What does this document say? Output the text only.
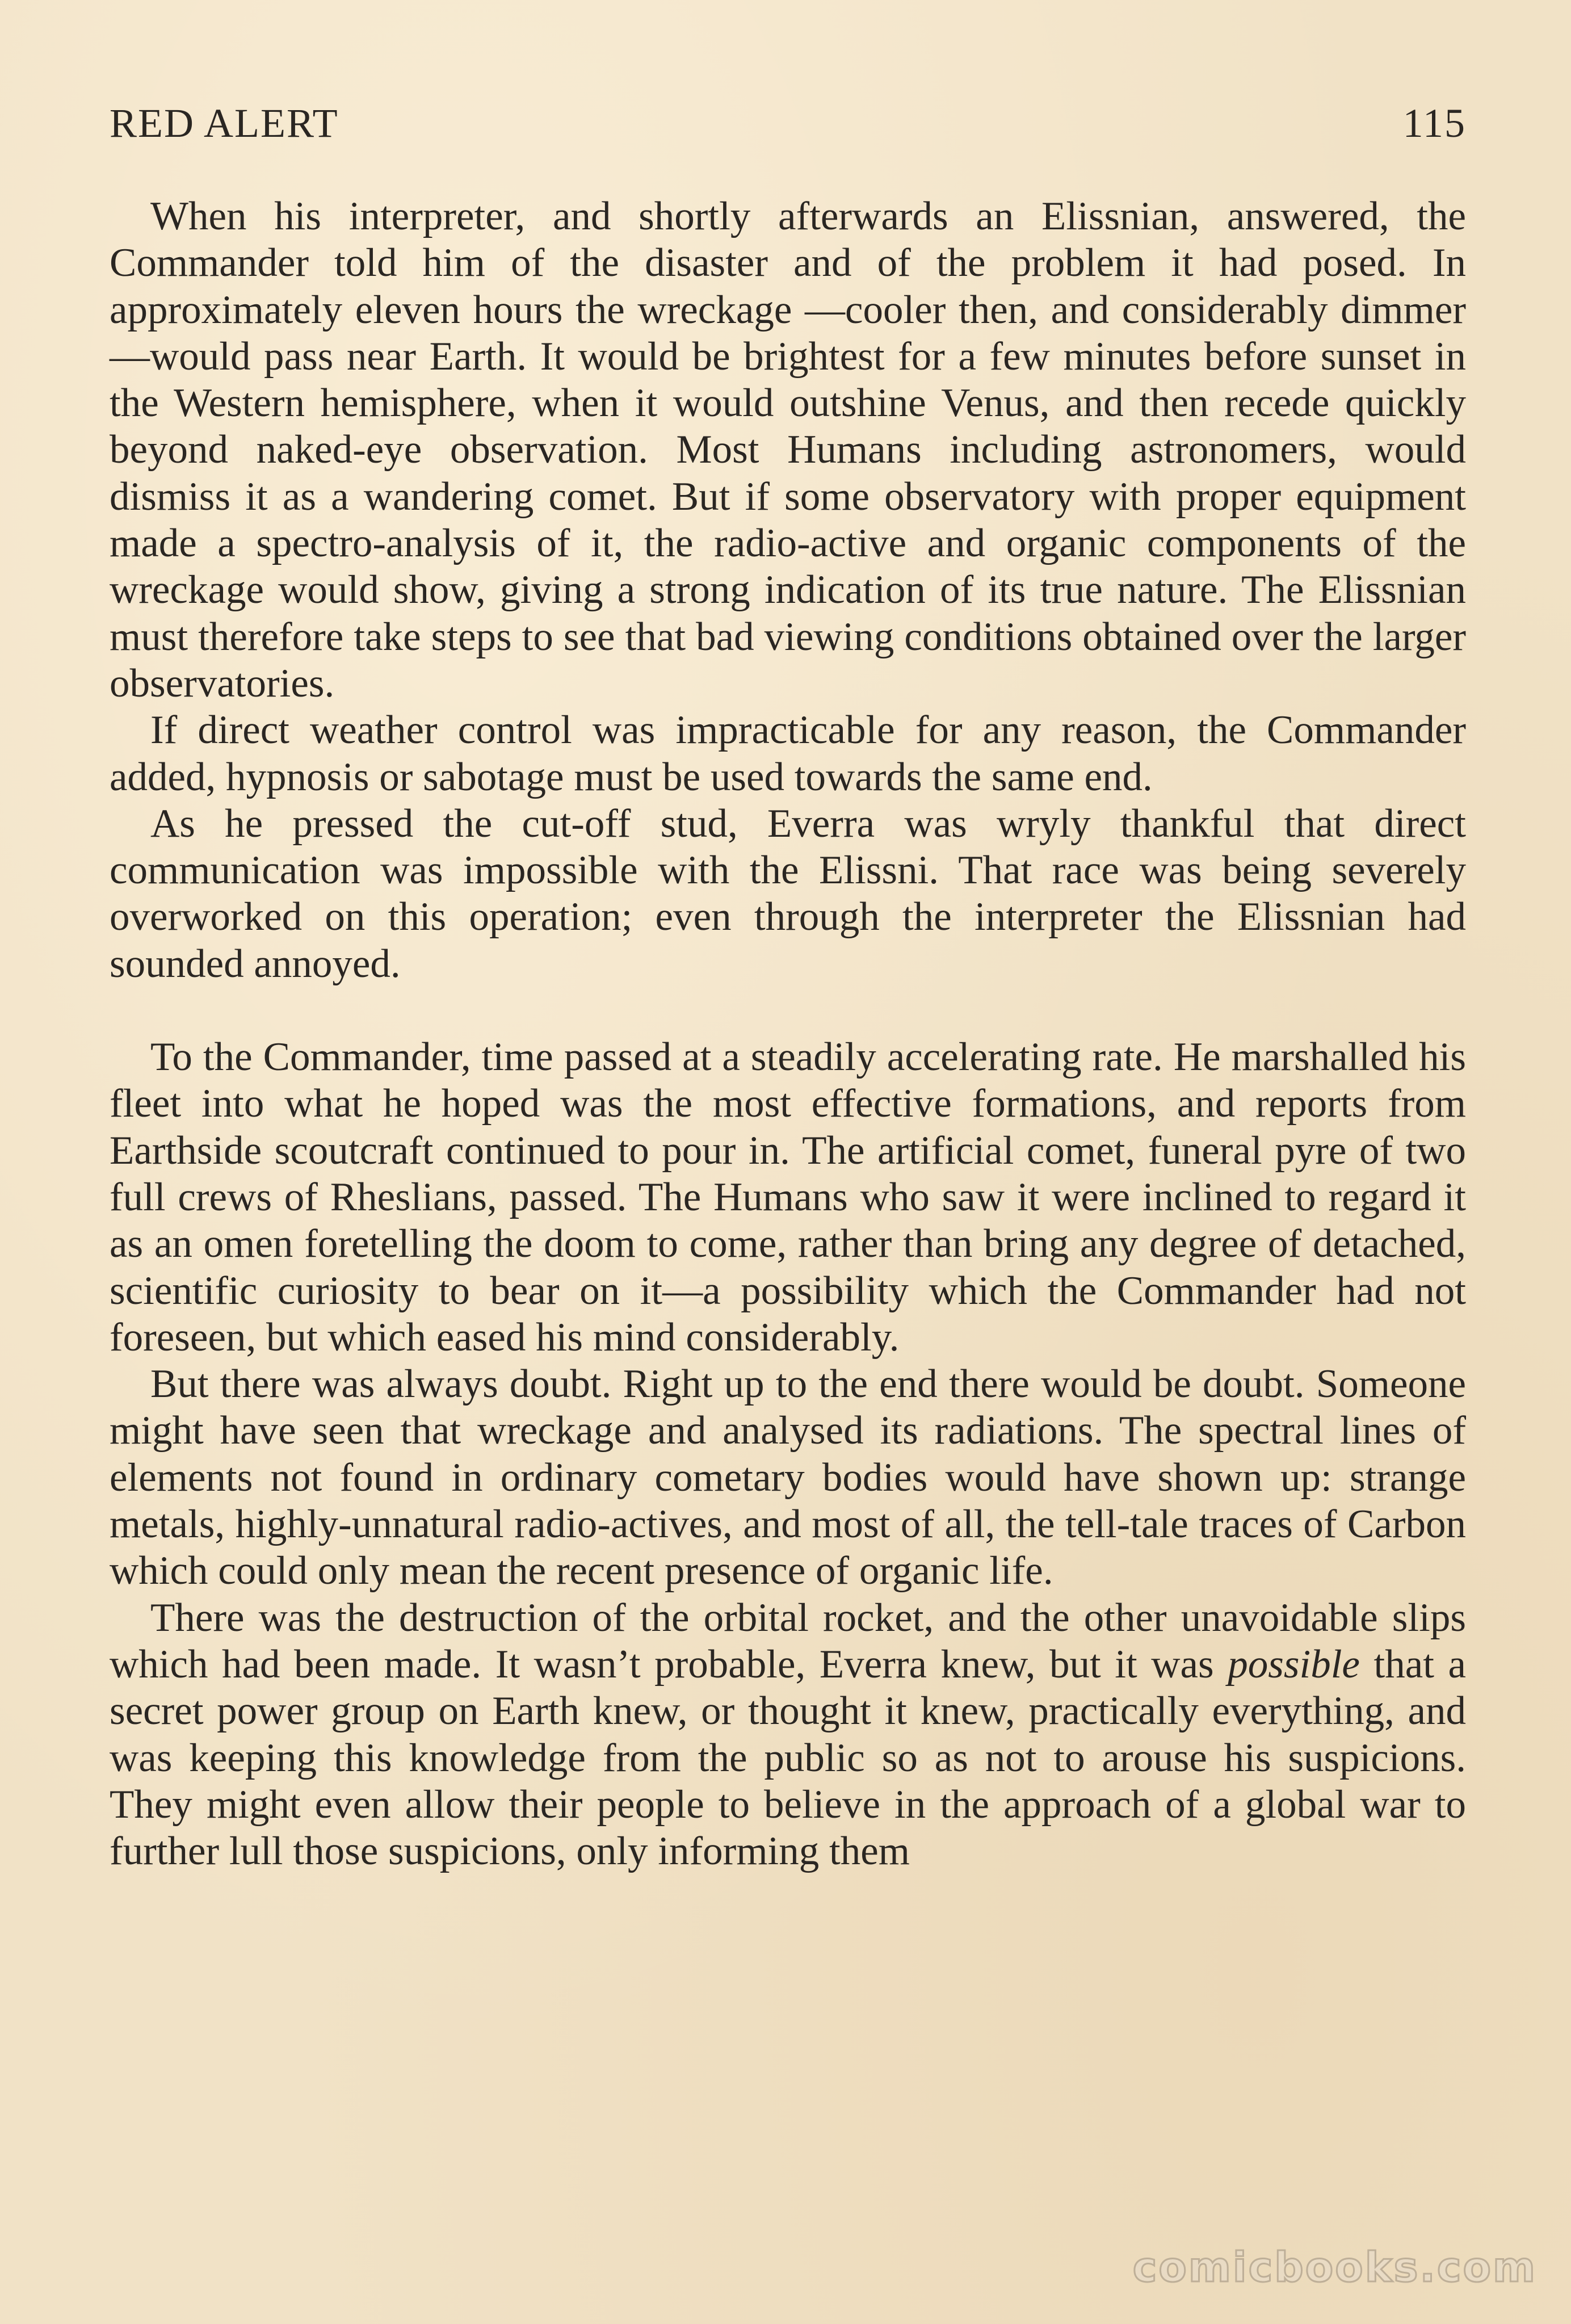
RED ALERT	115

When his interpreter, and shortly afterwards an Elissnian, answered, the Commander told him of the disaster and of the problem it had posed. In approximately eleven hours the wreckage —cooler then, and considerably dimmer—would pass near Earth. It would be brightest for a few minutes before sunset in the Western hemisphere, when it would outshine Venus, and then recede quickly beyond naked-eye observation. Most Humans including astronomers, would dismiss it as a wandering comet. But if some observatory with proper equipment made a spectro-analysis of it, the radio-active and organic components of the wreckage would show, giving a strong indication of its true nature. The Elissnian must therefore take steps to see that bad viewing conditions obtained over the larger observatories.

If direct weather control was impracticable for any reason, the Commander added, hypnosis or sabotage must be used towards the same end.

As he pressed the cut-off stud, Everra was wryly thankful that direct communication was impossible with the Elissni. That race was being severely overworked on this operation; even through the interpreter the Elissnian had sounded annoyed.

To the Commander, time passed at a steadily accelerating rate. He marshalled his fleet into what he hoped was the most effective formations, and reports from Earthside scoutcraft continued to pour in. The artificial comet, funeral pyre of two full crews of Rheslians, passed. The Humans who saw it were inclined to regard it as an omen foretelling the doom to come, rather than bring any degree of detached, scientific curiosity to bear on it—a possibility which the Commander had not foreseen, but which eased his mind considerably.

But there was always doubt. Right up to the end there would be doubt. Someone might have seen that wreckage and analysed its radiations. The spectral lines of elements not found in ordinary cometary bodies would have shown up: strange metals, highly-unnatural radio-actives, and most of all, the tell-tale traces of Carbon which could only mean the recent presence of organic life.

There was the destruction of the orbital rocket, and the other unavoidable slips which had been made. It wasn’t probable, Everra knew, but it was possible that a secret power group on Earth knew, or thought it knew, practically everything, and was keeping this knowledge from the public so as not to arouse his suspicions. They might even allow their people to believe in the approach of a global war to further lull those suspicions, only informing them

comicbooks.com
